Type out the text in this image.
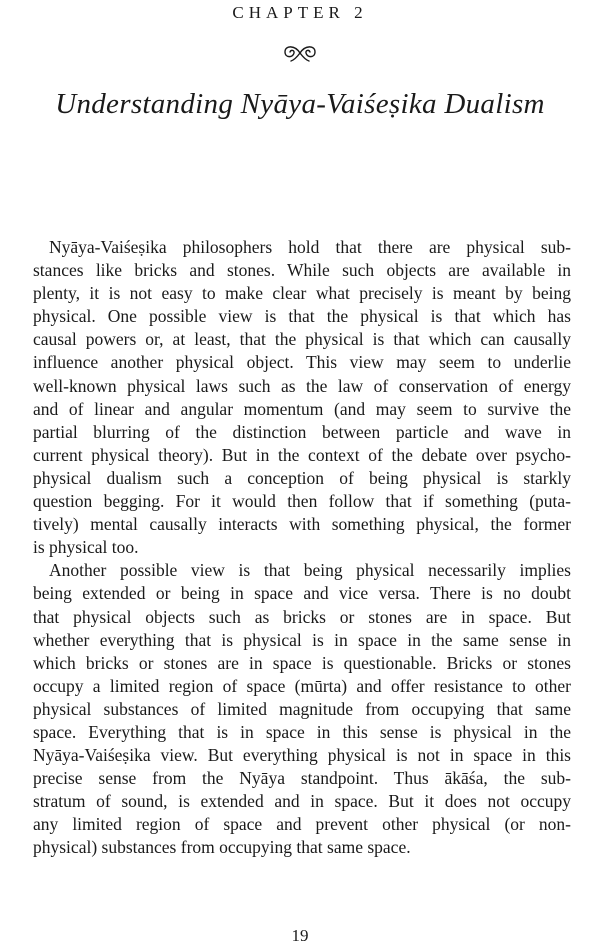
CHAPTER 2
Understanding Nyāya-Vaiśeṣika Dualism

Nyāya-Vaiśeṣika philosophers hold that there are physical sub-
stances like bricks and stones. While such objects are available in
plenty, it is not easy to make clear what precisely is meant by being
physical. One possible view is that the physical is that which has
causal powers or, at least, that the physical is that which can causally
influence another physical object. This view may seem to underlie
well-known physical laws such as the law of conservation of energy
and of linear and angular momentum (and may seem to survive the
partial blurring of the distinction between particle and wave in
current physical theory). But in the context of the debate over psycho-
physical dualism such a conception of being physical is starkly
question begging. For it would then follow that if something (puta-
tively) mental causally interacts with something physical, the former
is physical too.

Another possible view is that being physical necessarily implies
being extended or being in space and vice versa. There is no doubt
that physical objects such as bricks or stones are in space. But
whether everything that is physical is in space in the same sense in
which bricks or stones are in space is questionable. Bricks or stones
occupy a limited region of space (mūrta) and offer resistance to other
physical substances of limited magnitude from occupying that same
space. Everything that is in space in this sense is physical in the
Nyāya-Vaiśeṣika view. But everything physical is not in space in this
precise sense from the Nyāya standpoint. Thus ākāśa, the sub-
stratum of sound, is extended and in space. But it does not occupy
any limited region of space and prevent other physical (or non-
physical) substances from occupying that same space.

19
